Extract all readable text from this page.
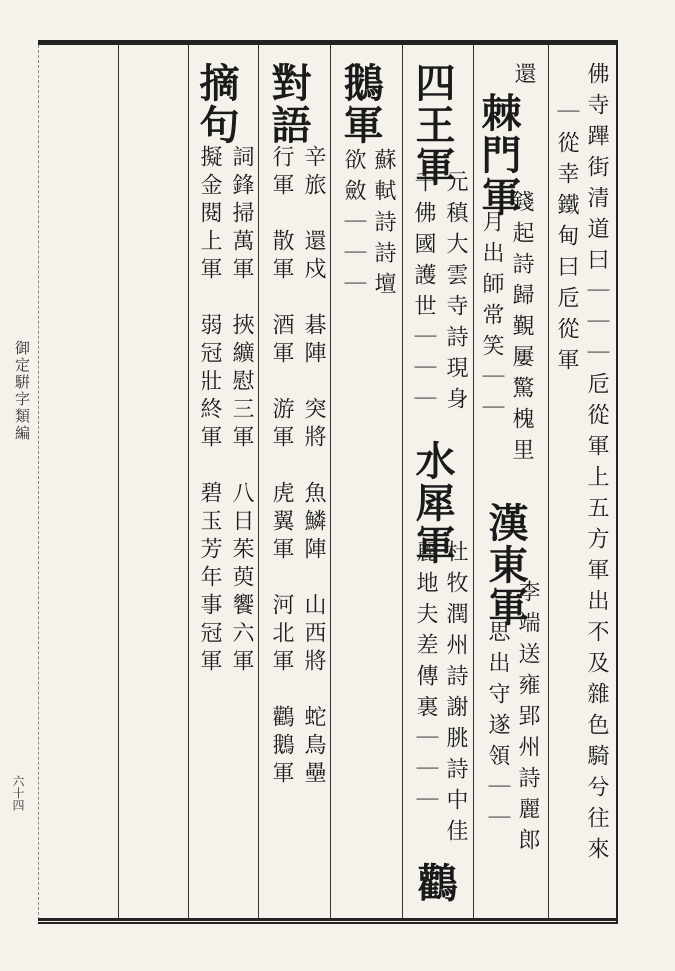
御定騈字類編
六十四	佛寺蹕街清道曰｜｜｜卮從軍上五方軍出不及雜色騎兮往來
｜從幸鐵甸曰卮從軍
還
棘門軍
錢起詩歸覲屢驚槐里
月出師常笑｜｜
四王軍
元稹大雲寺詩現身
千佛國護世｜｜｜
鵝軍
蘇軾詩詩壇
欲斂｜｜｜
對語
辛旅　還戍　碁陣　突將　魚鱗陣　山西將　蛇鳥壘
行軍　散軍　酒軍　游軍　虎翼軍　河北軍　鸛鵝軍
摘句
詞鋒掃萬軍　挾纊慰三軍　八日茱萸饗六軍
擬金閱上軍　弱冠壯終軍　碧玉芳年事冠軍	漢東軍
水犀軍
杜牧潤州詩謝朓詩中佳
麗地夫差傳裏｜｜｜
鸛
李端送雍郢州詩麗郎
思出守遂領｜｜
